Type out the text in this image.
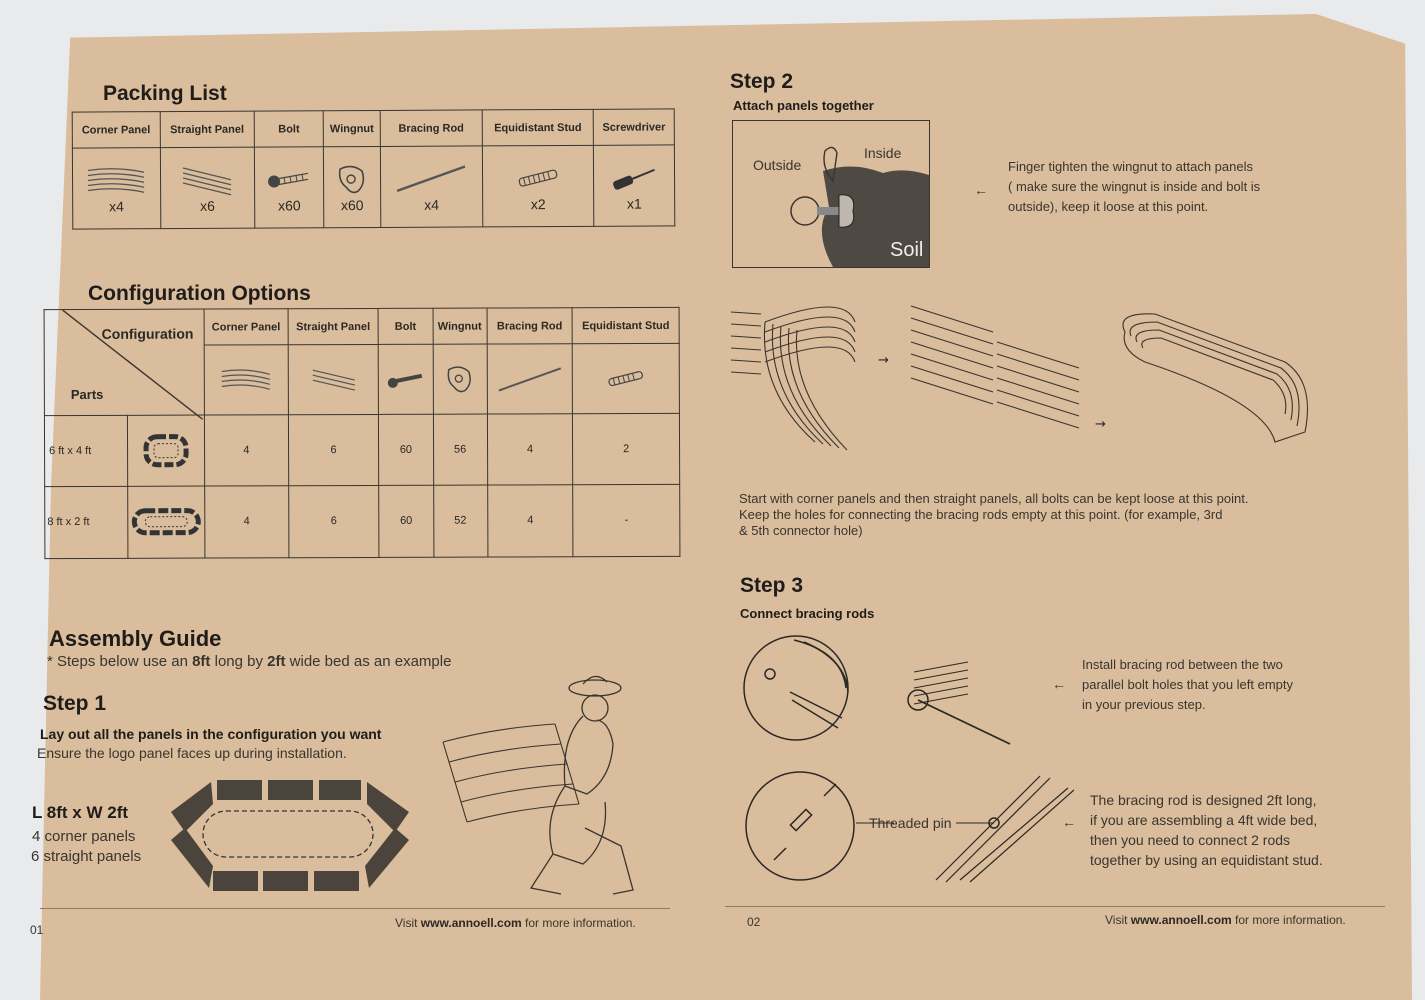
Packing List
Corner Panel	Straight Panel	Bolt	Wingnut	Bracing Rod	Equidistant Stud	Screwdriver

x4	x6	x60	x60	x4	x2	x1
Configuration Options
Configuration
Parts		Corner Panel	Straight Panel	Bolt	Wingnut	Bracing Rod	Equidistant Stud

6 ft x 4 ft		4	6	60	56	4	2
8 ft x 2 ft		4	6	60	52	4	-
Assembly Guide
* Steps below use an 8ft long by 2ft wide bed as an example
Step 1
Lay out all the panels in the configuration you want
Ensure the logo panel faces up during installation.
L 8ft x W 2ft
4 corner panels
6 straight panels
Step 2
Attach panels together
Outside
Inside
Soil
←
Finger tighten the wingnut to attach panels
( make sure the wingnut is inside and bolt is
outside), keep it loose at this point.
→
→
Start with corner panels and then straight panels, all bolts can be kept loose at this point.
Keep the holes for connecting the bracing rods empty at this point. (for example, 3rd
& 5th connector hole)
Step 3
Connect bracing rods
←
Install bracing rod between the two
parallel bolt holes that you left empty
in your previous step.
Threaded pin	←
The bracing rod is designed 2ft long,
if you are assembling a 4ft wide bed,
then you need to connect 2 rods
together by using an equidistant stud.
01	Visit www.annoell.com for more information.	02	Visit www.annoell.com for more information.
